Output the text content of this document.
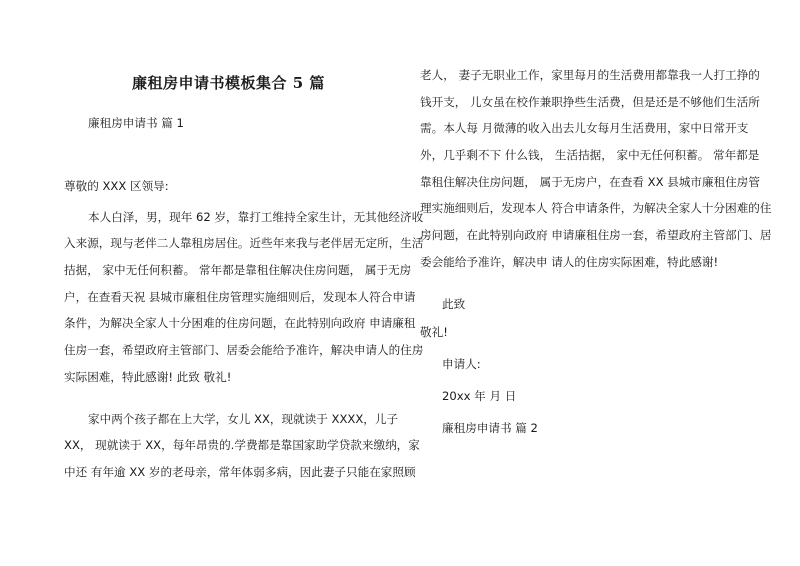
廉租房申请书模板集合 5 篇
廉租房申请书 篇 1
尊敬的 XXX 区领导:
本人白泽，男，现年 62 岁，靠打工维持全家生计，无其他经济收
入来源，现与老伴二人靠租房居住。近些年来我与老伴居无定所，生活
拮据， 家中无任何积蓄。 常年都是靠租住解决住房问题， 属于无房
户，在查看天祝 县城市廉租住房管理实施细则后，发现本人符合申请
条件，为解决全家人十分困难的住房问题，在此特别向政府 申请廉租
住房一套，希望政府主管部门、居委会能给予准许，解决申请人的住房
实际困难，特此感谢! 此致 敬礼!
家中两个孩子都在上大学，女儿 XX，现就读于 XXXX，儿子
XX， 现就读于 XX，每年昂贵的.学费都是靠国家助学贷款来缴纳，家
中还 有年逾 XX 岁的老母亲，常年体弱多病，因此妻子只能在家照顾
老人， 妻子无职业工作，家里每月的生活费用都靠我一人打工挣的
钱开支， 儿女虽在校作兼职挣些生活费，但是还是不够他们生活所
需。本人每 月微薄的收入出去儿女每月生活费用，家中日常开支
外，几乎剩不下 什么钱， 生活拮据， 家中无任何积蓄。 常年都是
靠租住解决住房问题， 属于无房户，在查看 XX 县城市廉租住房管
理实施细则后，发现本人 符合申请条件，为解决全家人十分困难的住
房问题，在此特别向政府 申请廉租住房一套，希望政府主管部门、居
委会能给予准许，解决申 请人的住房实际困难，特此感谢!
此致
敬礼!
申请人:
20xx 年 月 日
廉租房申请书 篇 2
